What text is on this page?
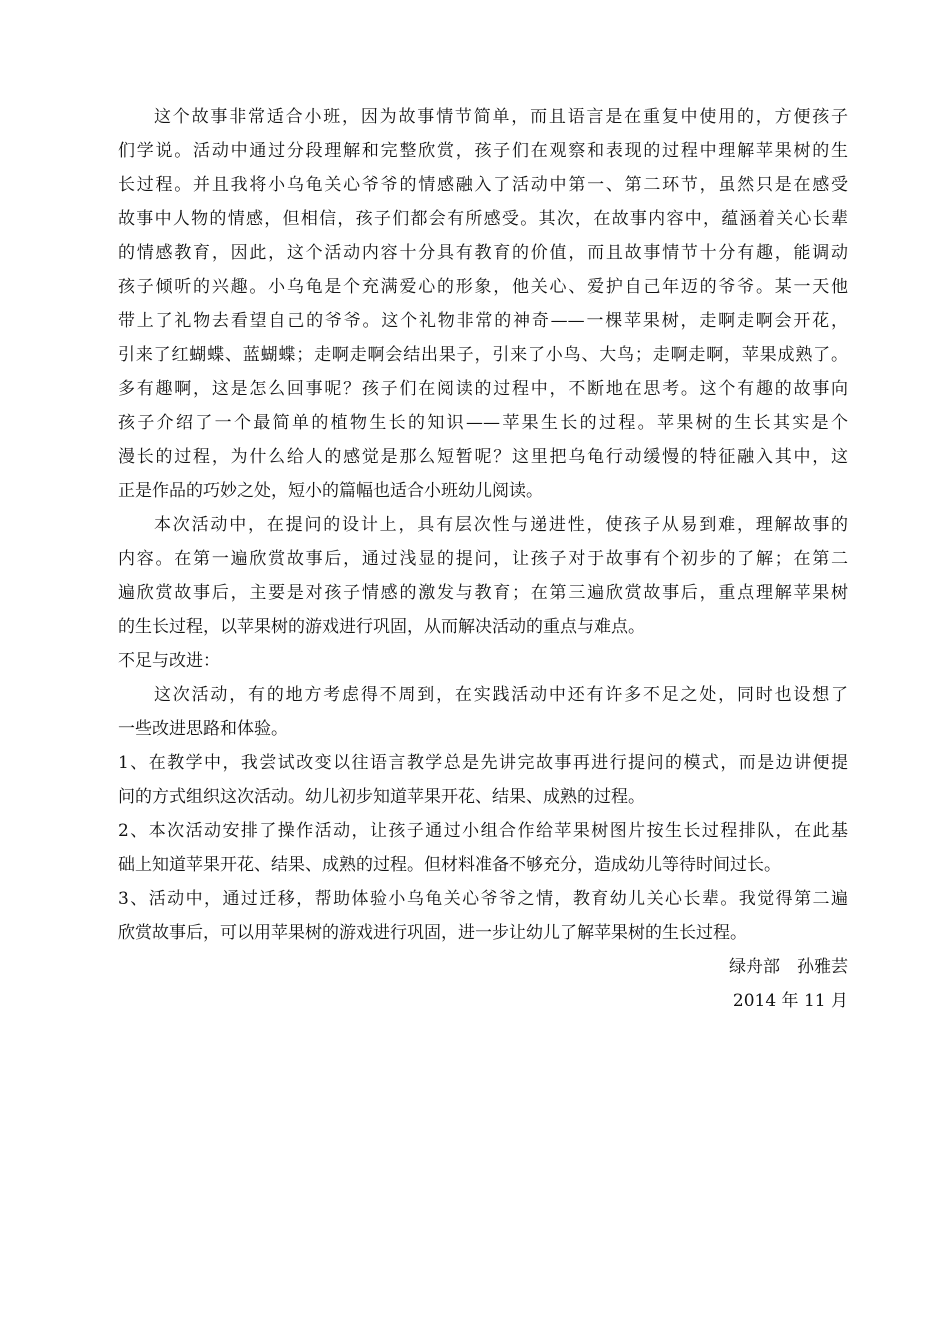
这个故事非常适合小班，因为故事情节简单，而且语言是在重复中使用的，方便孩子
们学说。活动中通过分段理解和完整欣赏，孩子们在观察和表现的过程中理解苹果树的生
长过程。并且我将小乌龟关心爷爷的情感融入了活动中第一、第二环节，虽然只是在感受
故事中人物的情感，但相信，孩子们都会有所感受。其次，在故事内容中，蕴涵着关心长辈
的情感教育，因此，这个活动内容十分具有教育的价值，而且故事情节十分有趣，能调动
孩子倾听的兴趣。小乌龟是个充满爱心的形象，他关心、爱护自己年迈的爷爷。某一天他
带上了礼物去看望自己的爷爷。这个礼物非常的神奇——一棵苹果树，走啊走啊会开花，
引来了红蝴蝶、蓝蝴蝶；走啊走啊会结出果子，引来了小鸟、大鸟；走啊走啊，苹果成熟了。
多有趣啊，这是怎么回事呢？孩子们在阅读的过程中，不断地在思考。这个有趣的故事向
孩子介绍了一个最简单的植物生长的知识——苹果生长的过程。苹果树的生长其实是个
漫长的过程，为什么给人的感觉是那么短暂呢？这里把乌龟行动缓慢的特征融入其中，这
正是作品的巧妙之处，短小的篇幅也适合小班幼儿阅读。
本次活动中，在提问的设计上，具有层次性与递进性，使孩子从易到难，理解故事的
内容。在第一遍欣赏故事后，通过浅显的提问，让孩子对于故事有个初步的了解；在第二
遍欣赏故事后，主要是对孩子情感的激发与教育；在第三遍欣赏故事后，重点理解苹果树
的生长过程，以苹果树的游戏进行巩固，从而解决活动的重点与难点。
不足与改进：
这次活动，有的地方考虑得不周到，在实践活动中还有许多不足之处，同时也设想了
一些改进思路和体验。
1、在教学中，我尝试改变以往语言教学总是先讲完故事再进行提问的模式，而是边讲便提
问的方式组织这次活动。幼儿初步知道苹果开花、结果、成熟的过程。
2、本次活动安排了操作活动，让孩子通过小组合作给苹果树图片按生长过程排队，在此基
础上知道苹果开花、结果、成熟的过程。但材料准备不够充分，造成幼儿等待时间过长。
3、活动中，通过迁移，帮助体验小乌龟关心爷爷之情，教育幼儿关心长辈。我觉得第二遍
欣赏故事后，可以用苹果树的游戏进行巩固，进一步让幼儿了解苹果树的生长过程。
绿舟部　孙雅芸
2014 年 11 月
